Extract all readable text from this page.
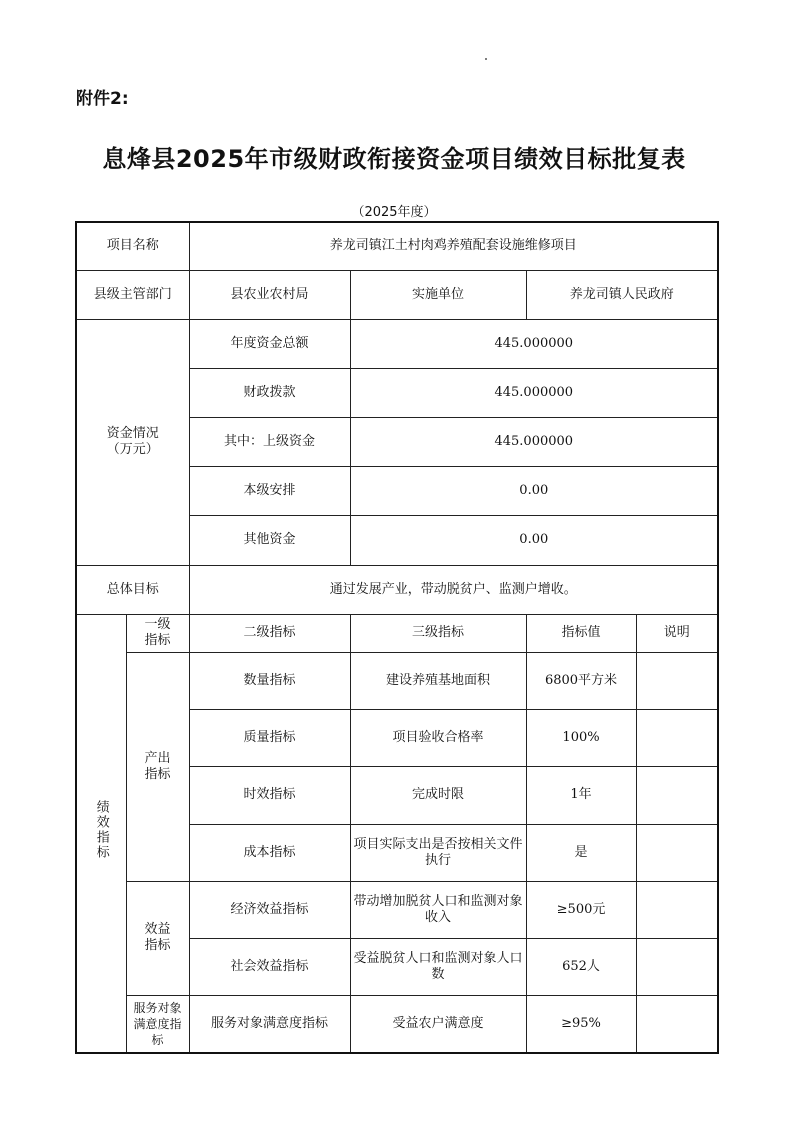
附件2:
息烽县2025年市级财政衔接资金项目绩效目标批复表
（2025年度）
项目名称		养龙司镇江土村肉鸡养殖配套设施维修项目			
县级主管部门		县农业农村局	实施单位	养龙司镇人民政府	
资金情况
（万元）		年度资金总额	445.000000		
		财政拨款	445.000000		
		其中：上级资金	445.000000		
		本级安排	0.00		
		其他资金	0.00		
总体目标		通过发展产业，带动脱贫户、监测户增收。			
绩效指标	一级指标	二级指标	三级指标	指标值	说明
	产出指标	数量指标	建设养殖基地面积	6800平方米	
		质量指标	项目验收合格率	100%	
		时效指标	完成时限	1年	
		成本指标	项目实际支出是否按相关文件执行	是	
	效益指标	经济效益指标	带动增加脱贫人口和监测对象收入	≥500元	
		社会效益指标	受益脱贫人口和监测对象人口数	652人	
	服务对象满意度指标	服务对象满意度指标	受益农户满意度	≥95%	
